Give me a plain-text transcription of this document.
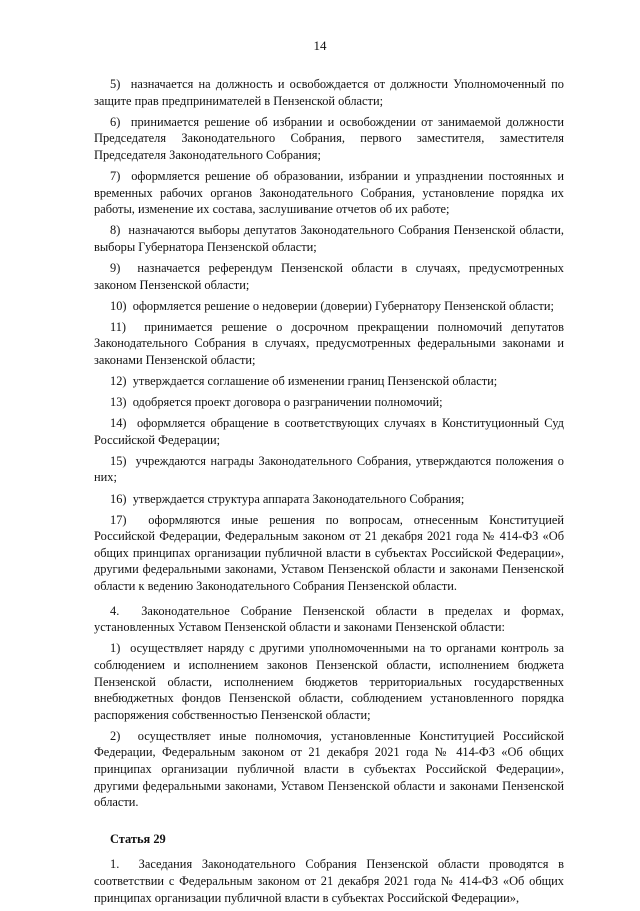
14

5)  назначается на должность и освобождается от должности Уполномоченный по защите прав предпринимателей в Пензенской области;

6)  принимается решение об избрании и освобождении от занимаемой должности Председателя Законодательного Собрания, первого заместителя, заместителя Председателя Законодательного Собрания;

7)  оформляется решение об образовании, избрании и упразднении постоянных и временных рабочих органов Законодательного Собрания, установление порядка их работы, изменение их состава, заслушивание отчетов об их работе;

8)  назначаются выборы депутатов Законодательного Собрания Пензенской области, выборы Губернатора Пензенской области;

9)  назначается референдум Пензенской области в случаях, предусмотренных законом Пензенской области;

10)  оформляется решение о недоверии (доверии) Губернатору Пензенской области;

11)  принимается решение о досрочном прекращении полномочий депутатов Законодательного Собрания в случаях, предусмотренных федеральными законами и законами Пензенской области;

12)  утверждается соглашение об изменении границ Пензенской области;

13)  одобряется проект договора о разграничении полномочий;

14)  оформляется обращение в соответствующих случаях в Конституционный Суд Российской Федерации;

15)  учреждаются награды Законодательного Собрания, утверждаются положения о них;

16)  утверждается структура аппарата Законодательного Собрания;

17)  оформляются иные решения по вопросам, отнесенным Конституцией Российской Федерации, Федеральным законом от 21 декабря 2021 года № 414-ФЗ «Об общих принципах организации публичной власти в субъектах Российской Федерации», другими федеральными законами, Уставом Пензенской области и законами Пензенской области к ведению Законодательного Собрания Пензенской области.

4.  Законодательное Собрание Пензенской области в пределах и формах, установленных Уставом Пензенской области и законами Пензенской области:

1)  осуществляет наряду с другими уполномоченными на то органами контроль за соблюдением и исполнением законов Пензенской области, исполнением бюджета Пензенской области, исполнением бюджетов территориальных государственных внебюджетных фондов Пензенской области, соблюдением установленного порядка распоряжения собственностью Пензенской области;

2)  осуществляет иные полномочия, установленные Конституцией Российской Федерации, Федеральным законом от 21 декабря 2021 года № 414-ФЗ «Об общих принципах организации публичной власти в субъектах Российской Федерации», другими федеральными законами, Уставом Пензенской области и законами Пензенской области.

Статья 29

1.  Заседания Законодательного Собрания Пензенской области проводятся в соответствии с Федеральным законом от 21 декабря 2021 года № 414-ФЗ «Об общих принципах организации публичной власти в субъектах Российской Федерации»,
